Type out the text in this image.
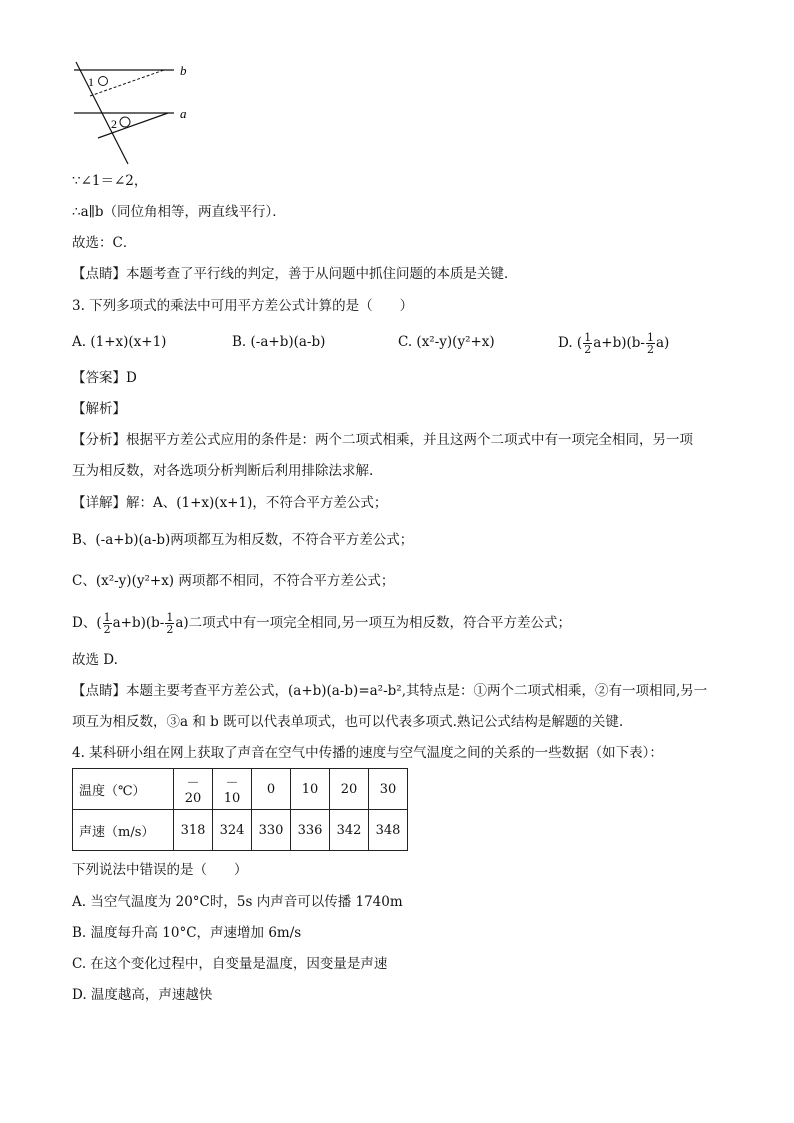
1
2
b
a
∵∠1＝∠2，
∴a∥b（同位角相等，两直线平行）．
故选：C．
【点睛】本题考查了平行线的判定，善于从问题中抓住问题的本质是关键．
3. 下列多项式的乘法中可用平方差公式计算的是（　　）
A. (1+x)(x+1)	B. (-a+b)(a-b)	C. (x²-y)(y²+x)	D. ( $\frac{1}{2} a+b)(b- \frac{1}{2} a)$
【答案】D
【解析】
【分析】根据平方差公式应用的条件是：两个二项式相乘，并且这两个二项式中有一项完全相同，另一项
互为相反数，对各选项分析判断后利用排除法求解.
【详解】解：A、(1+x)(x+1)，不符合平方差公式；
B、(-a+b)(a-b)两项都互为相反数，不符合平方差公式；
C、(x²-y)(y²+x) 两项都不相同，不符合平方差公式；
D、( $\frac{1}{2} a+b)(b- \frac{1}{2} a)$二项式中有一项完全相同,另一项互为相反数，符合平方差公式；
故选 D.
【点睛】本题主要考查平方差公式，(a+b)(a-b)=a²-b²,其特点是：①两个二项式相乘，②有一项相同,另一
项互为相反数，③a 和 b 既可以代表单项式，也可以代表多项式.熟记公式结构是解题的关键.
4. 某科研小组在网上获取了声音在空气中传播的速度与空气温度之间的关系的一些数据（如下表）：
温度（℃）	－20	－10	0	10	20	30
声速（m/s）	318	324	330	336	342	348
下列说法中错误的是（　　）
A. 当空气温度为 20°C时，5s 内声音可以传播 1740m
B. 温度每升高 10°C，声速增加 6m/s
C. 在这个变化过程中，自变量是温度，因变量是声速
D. 温度越高，声速越快
